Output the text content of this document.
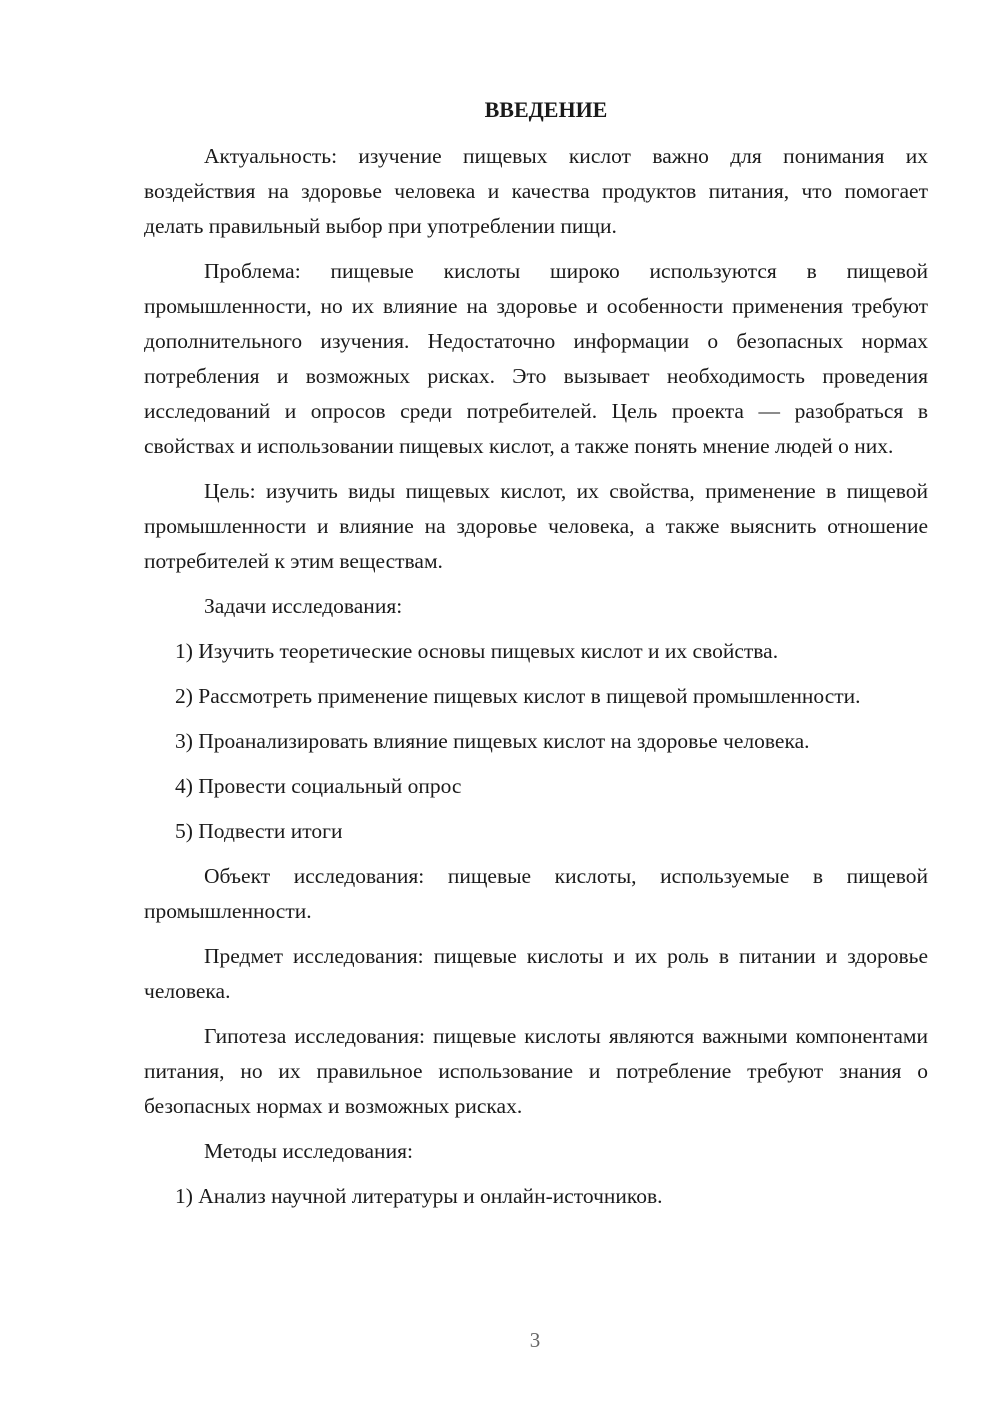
ВВЕДЕНИЕ

Актуальность: изучение пищевых кислот важно для понимания их воздействия на здоровье человека и качества продуктов питания, что помогает делать правильный выбор при употреблении пищи.

Проблема: пищевые кислоты широко используются в пищевой промышленности, но их влияние на здоровье и особенности применения требуют дополнительного изучения. Недостаточно информации о безопасных нормах потребления и возможных рисках. Это вызывает необходимость проведения исследований и опросов среди потребителей. Цель проекта — разобраться в свойствах и использовании пищевых кислот, а также понять мнение людей о них.

Цель: изучить виды пищевых кислот, их свойства, применение в пищевой промышленности и влияние на здоровье человека, а также выяснить отношение потребителей к этим веществам.

Задачи исследования:

1) Изучить теоретические основы пищевых кислот и их свойства.

2) Рассмотреть применение пищевых кислот в пищевой промышленности.

3) Проанализировать влияние пищевых кислот на здоровье человека.

4) Провести социальный опрос

5) Подвести итоги

Объект исследования: пищевые кислоты, используемые в пищевой промышленности.

Предмет исследования: пищевые кислоты и их роль в питании и здоровье человека.

Гипотеза исследования: пищевые кислоты являются важными компонентами питания, но их правильное использование и потребление требуют знания о безопасных нормах и возможных рисках.

Методы исследования:

1) Анализ научной литературы и онлайн-источников.

3
